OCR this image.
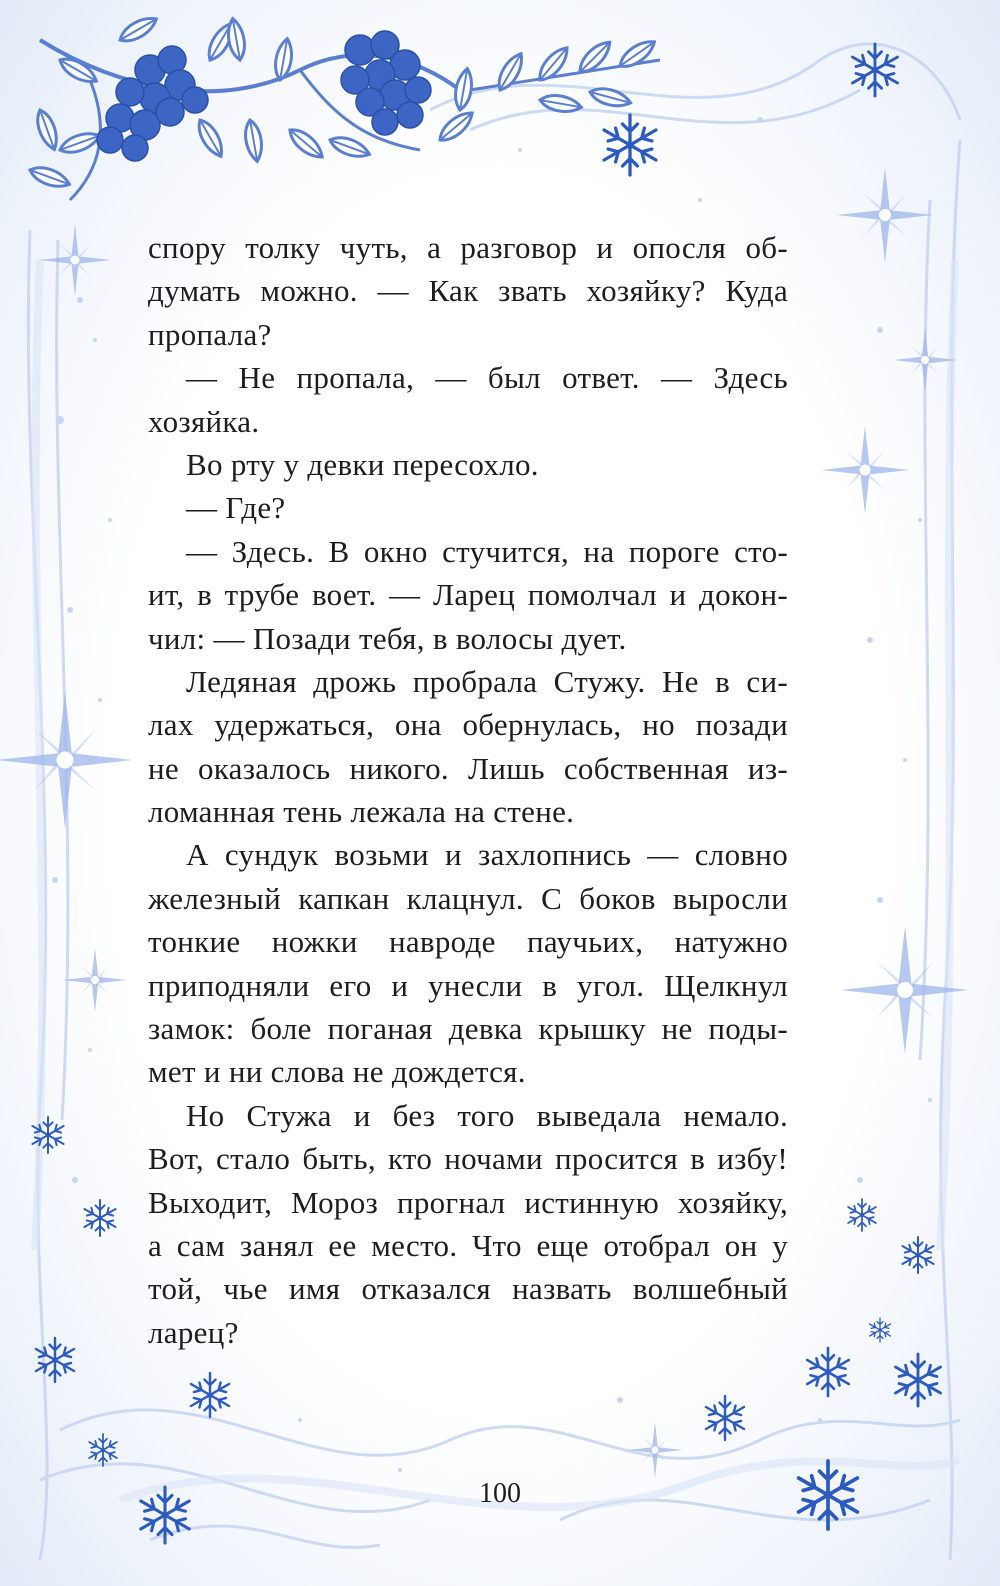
спору толку чуть, а разговор и опосля об-
думать можно. — Как звать хозяйку? Куда
пропала?
— Не пропала, — был ответ. — Здесь
хозяйка.
Во рту у девки пересохло.
— Где?
— Здесь. В окно стучится, на пороге сто-
ит, в трубе воет. — Ларец помолчал и докон-
чил: — Позади тебя, в волосы дует.
Ледяная дрожь пробрала Стужу. Не в си-
лах удержаться, она обернулась, но позади
не оказалось никого. Лишь собственная из-
ломанная тень лежала на стене.
А сундук возьми и захлопнись — словно
железный капкан клацнул. С боков выросли
тонкие ножки навроде паучьих, натужно
приподняли его и унесли в угол. Щелкнул
замок: боле поганая девка крышку не поды-
мет и ни слова не дождется.
Но Стужа и без того выведала немало.
Вот, стало быть, кто ночами просится в избу!
Выходит, Мороз прогнал истинную хозяйку,
а сам занял ее место. Что еще отобрал он у
той, чье имя отказался назвать волшебный
ларец?
100
